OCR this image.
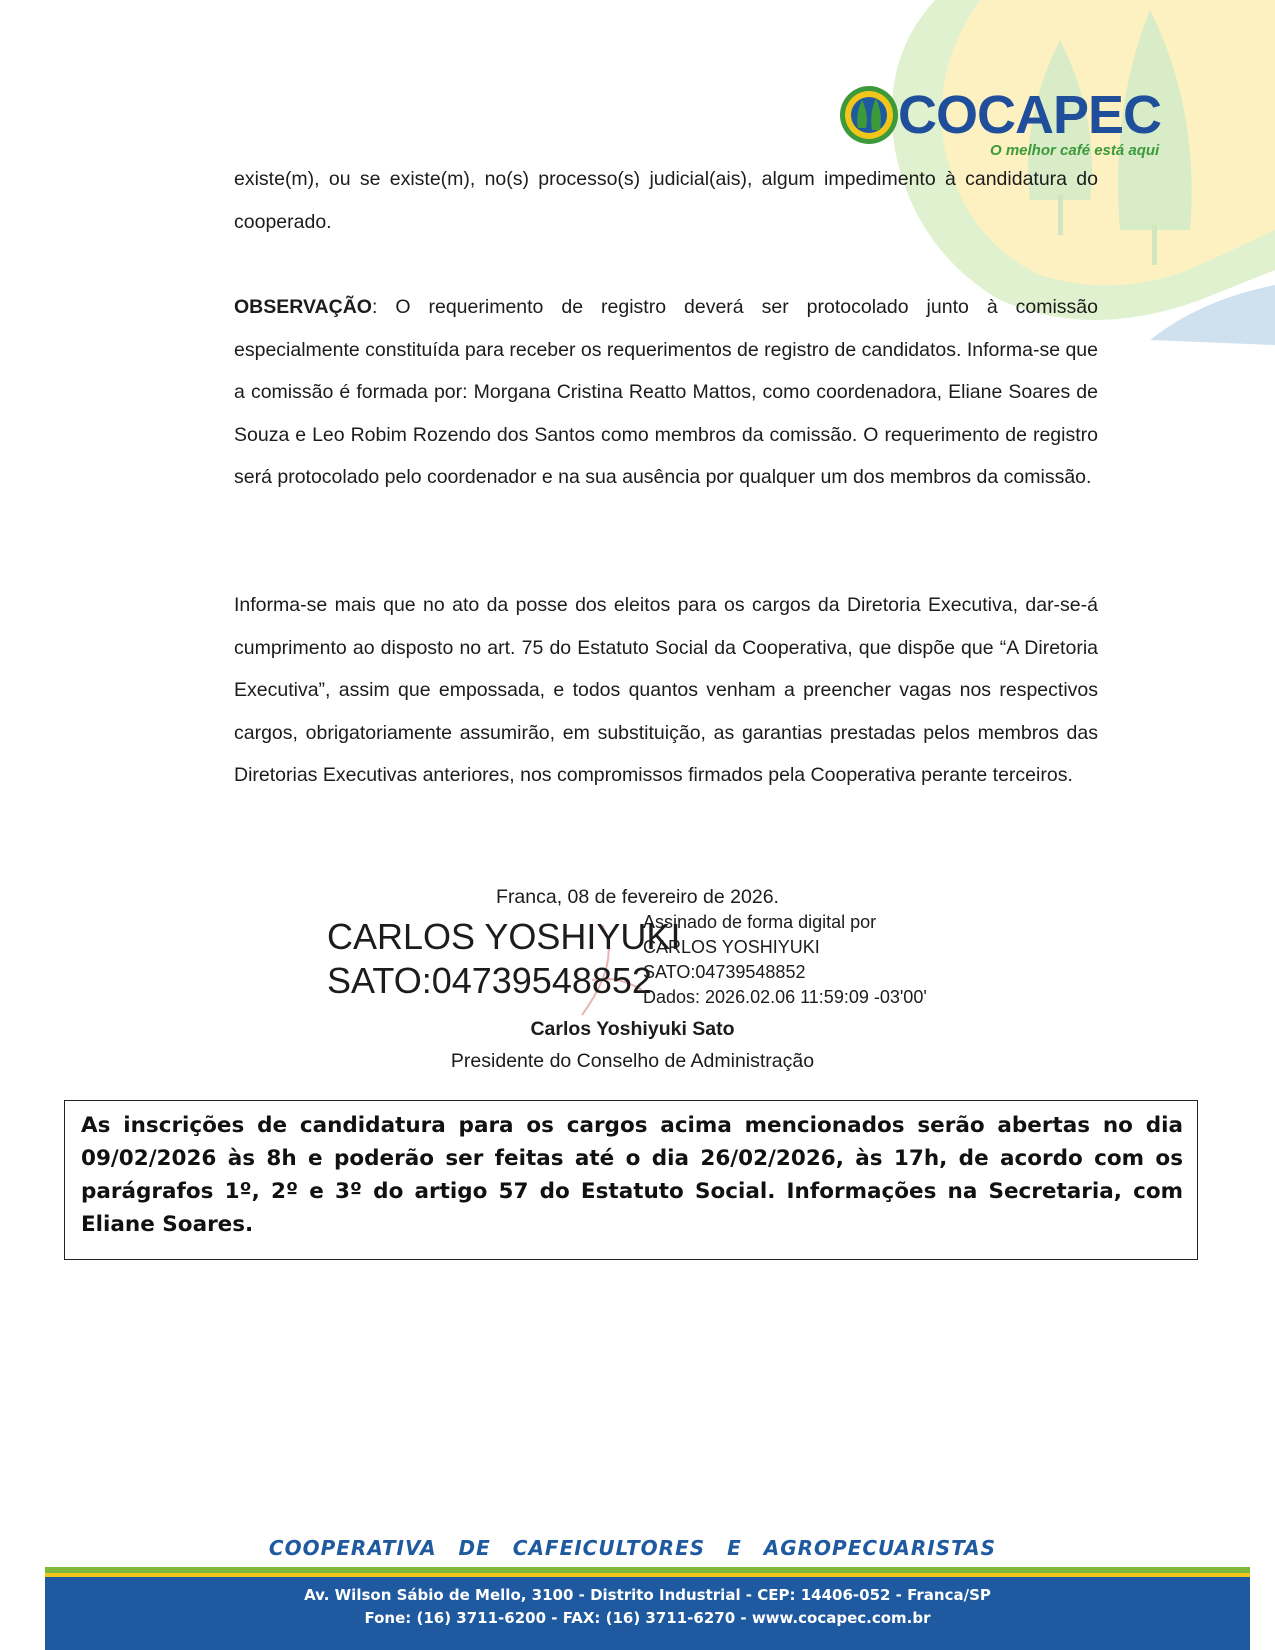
COCAPEC
O melhor café está aqui

existe(m), ou se existe(m), no(s) processo(s) judicial(ais), algum impedimento à candidatura do cooperado.

OBSERVAÇÃO: O requerimento de registro deverá ser protocolado junto à comissão especialmente constituída para receber os requerimentos de registro de candidatos. Informa-se que a comissão é formada por: Morgana Cristina Reatto Mattos, como coordenadora, Eliane Soares de Souza e Leo Robim Rozendo dos Santos como membros da comissão. O requerimento de registro será protocolado pelo coordenador e na sua ausência por qualquer um dos membros da comissão.

Informa-se mais que no ato da posse dos eleitos para os cargos da Diretoria Executiva, dar-se-á cumprimento ao disposto no art. 75 do Estatuto Social da Cooperativa, que dispõe que “A Diretoria Executiva”, assim que empossada, e todos quantos venham a preencher vagas nos respectivos cargos, obrigatoriamente assumirão, em substituição, as garantias prestadas pelos membros das Diretorias Executivas anteriores, nos compromissos firmados pela Cooperativa perante terceiros.

Franca, 08 de fevereiro de 2026.
CARLOS YOSHIYUKI
SATO:04739548852
Assinado de forma digital por
CARLOS YOSHIYUKI
SATO:04739548852
Dados: 2026.02.06 11:59:09 -03'00'
Carlos Yoshiyuki Sato
Presidente do Conselho de Administração
As inscrições de candidatura para os cargos acima mencionados serão abertas no dia 09/02/2026 às 8h e poderão ser feitas até o dia 26/02/2026, às 17h, de acordo com os parágrafos 1º, 2º e 3º do artigo 57 do Estatuto Social. Informações na Secretaria, com Eliane Soares.
COOPERATIVA DE CAFEICULTORES E AGROPECUARISTAS
Av. Wilson Sábio de Mello, 3100 - Distrito Industrial - CEP: 14406-052 - Franca/SP
Fone: (16) 3711-6200 - FAX: (16) 3711-6270 - www.cocapec.com.br
